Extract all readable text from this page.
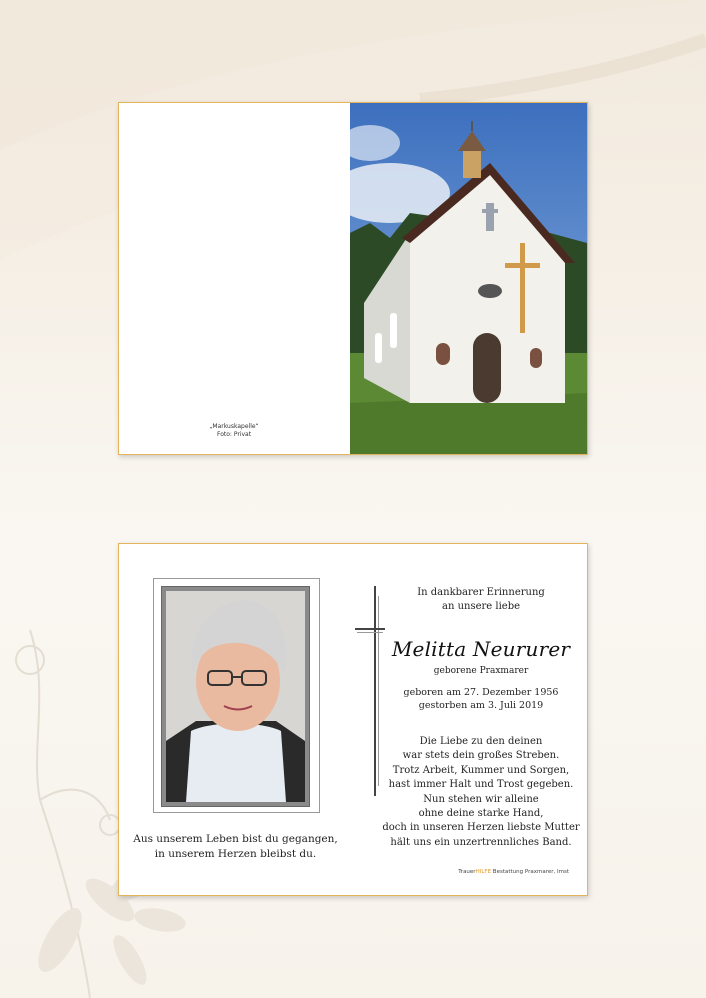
„Markuskapelle“
Foto: Privat
Aus unserem Leben bist du gegangen,
in unserem Herzen bleibst du.
In dankbarer Erinnerung
an unsere liebe
Melitta Neururer
geborene Praxmarer
geboren am 27. Dezember 1956
gestorben am 3. Juli 2019
Die Liebe zu den deinen
war stets dein großes Streben.
Trotz Arbeit, Kummer und Sorgen,
hast immer Halt und Trost gegeben.
Nun stehen wir alleine
ohne deine starke Hand,
doch in unseren Herzen liebste Mutter
hält uns ein unzertrennliches Band.
TrauerHILFE Bestattung Praxmarer, Imst
